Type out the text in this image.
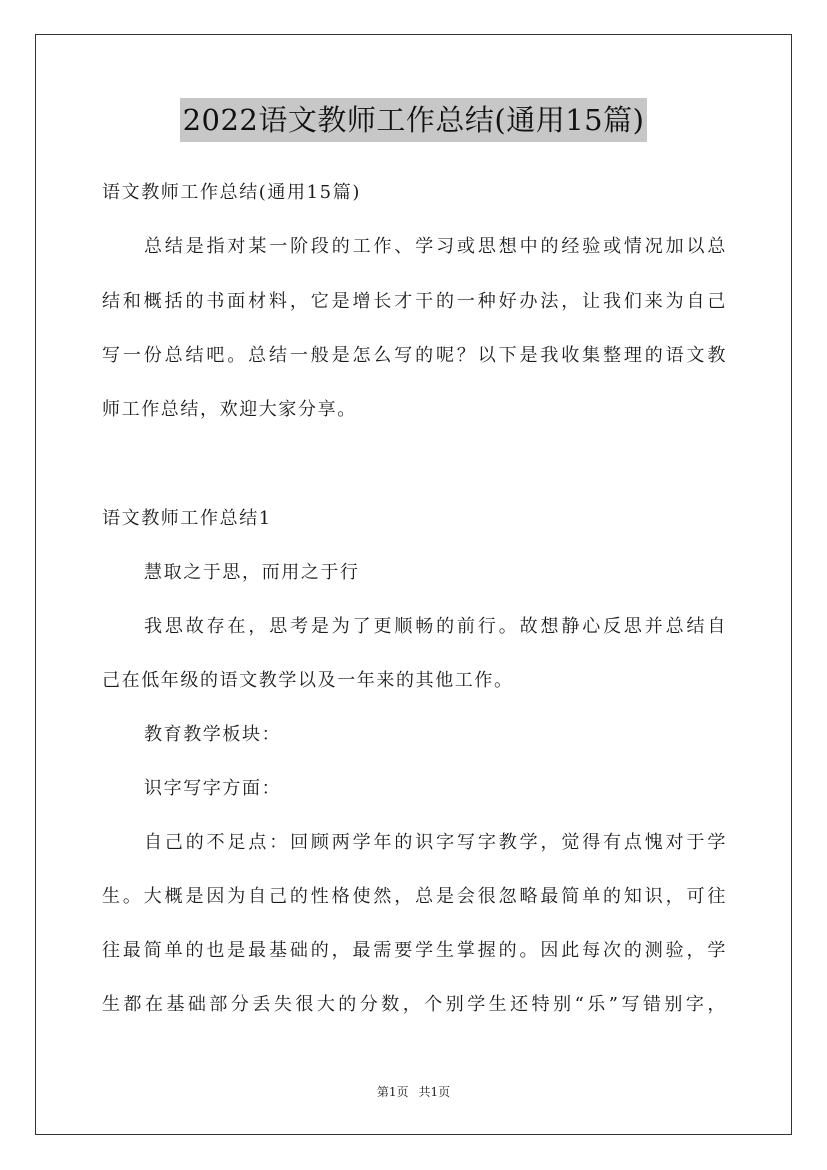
2022语文教师工作总结(通用15篇)
语文教师工作总结(通用15篇)
总结是指对某一阶段的工作、学习或思想中的经验或情况加以总
结和概括的书面材料，它是增长才干的一种好办法，让我们来为自己
写一份总结吧。总结一般是怎么写的呢？以下是我收集整理的语文教
师工作总结，欢迎大家分享。
语文教师工作总结1
慧取之于思，而用之于行
我思故存在，思考是为了更顺畅的前行。故想静心反思并总结自
己在低年级的语文教学以及一年来的其他工作。
教育教学板块：
识字写字方面：
自己的不足点：回顾两学年的识字写字教学，觉得有点愧对于学
生。大概是因为自己的性格使然，总是会很忽略最简单的知识，可往
往最简单的也是最基础的，最需要学生掌握的。因此每次的测验，学
生都在基础部分丢失很大的分数，个别学生还特别“乐”写错别字，
第1页 共1页
